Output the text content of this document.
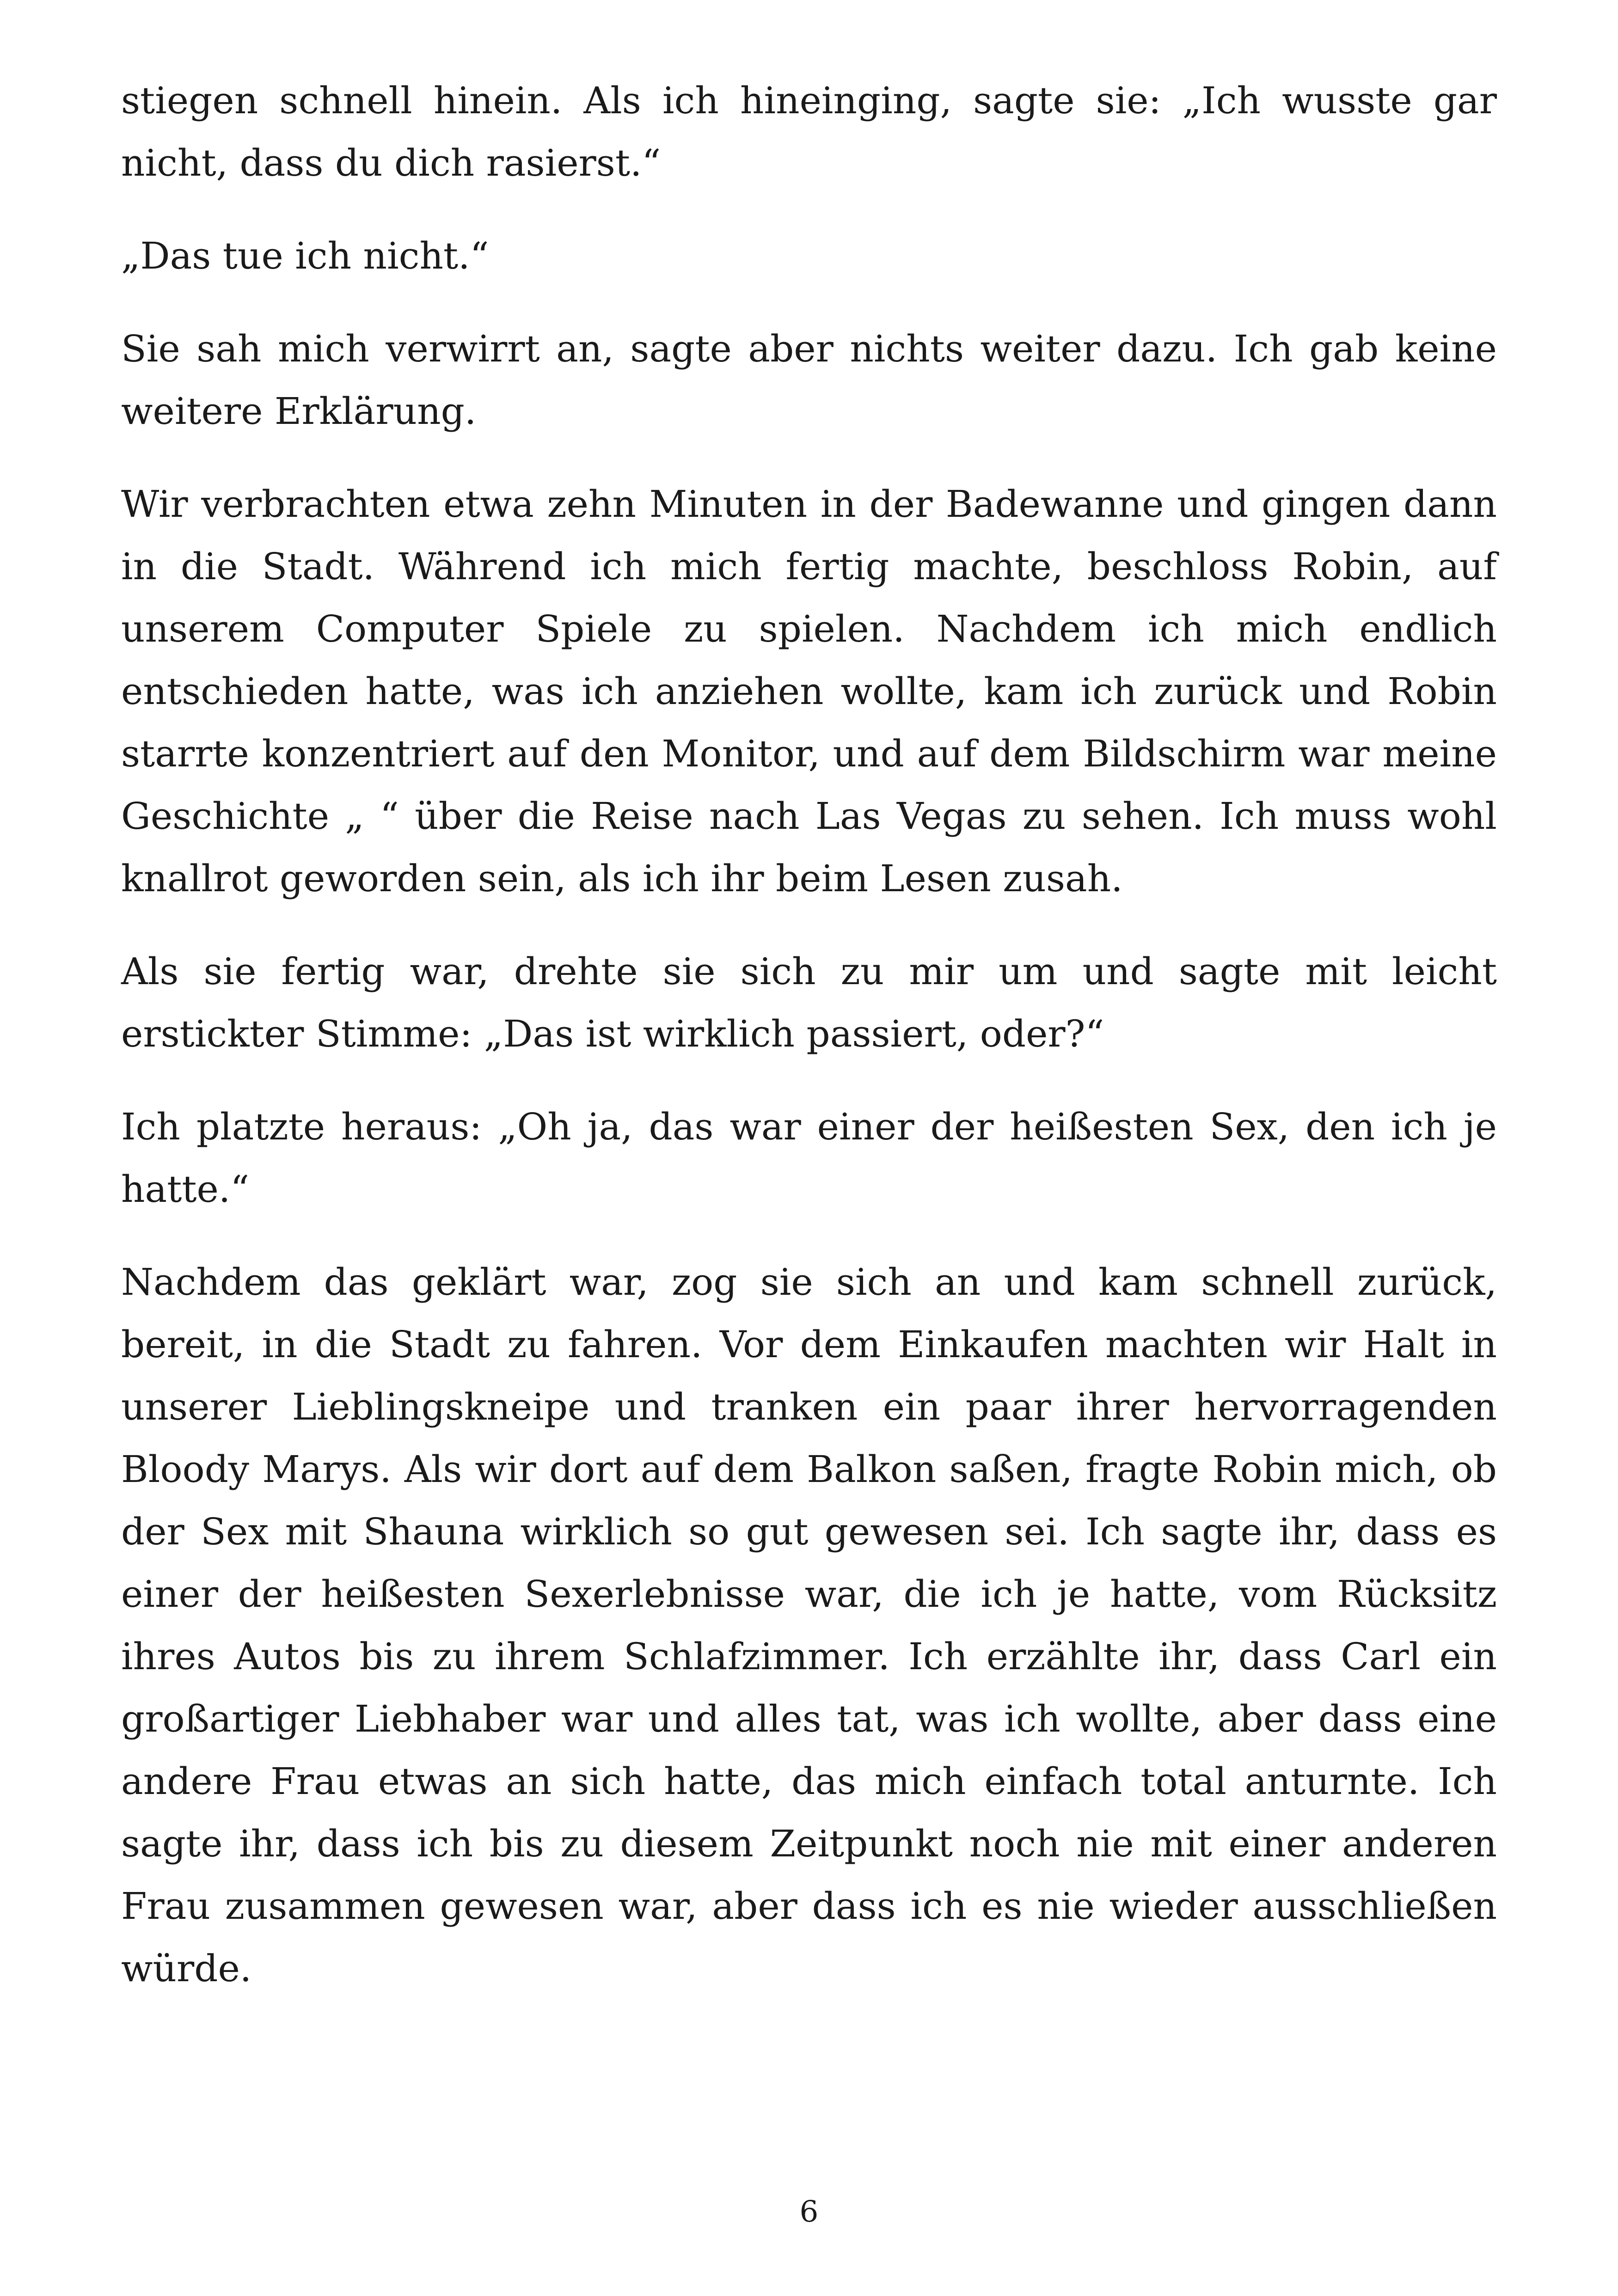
stiegen schnell hinein. Als ich hineinging, sagte sie: „Ich wusste gar nicht, dass du dich rasierst.“

„Das tue ich nicht.“

Sie sah mich verwirrt an, sagte aber nichts weiter dazu. Ich gab keine weitere Erklärung.

Wir verbrachten etwa zehn Minuten in der Badewanne und gingen dann in die Stadt. Während ich mich fertig machte, beschloss Robin, auf unserem Computer Spiele zu spielen. Nachdem ich mich endlich entschieden hatte, was ich anziehen wollte, kam ich zurück und Robin starrte konzentriert auf den Monitor, und auf dem Bildschirm war meine Geschichte „ “ über die Reise nach Las Vegas zu sehen. Ich muss wohl knallrot geworden sein, als ich ihr beim Lesen zusah.

Als sie fertig war, drehte sie sich zu mir um und sagte mit leicht erstickter Stimme: „Das ist wirklich passiert, oder?“

Ich platzte heraus: „Oh ja, das war einer der heißesten Sex, den ich je hatte.“

Nachdem das geklärt war, zog sie sich an und kam schnell zurück, bereit, in die Stadt zu fahren. Vor dem Einkaufen machten wir Halt in unserer Lieblingskneipe und tranken ein paar ihrer hervorragenden Bloody Marys. Als wir dort auf dem Balkon saßen, fragte Robin mich, ob der Sex mit Shauna wirklich so gut gewesen sei. Ich sagte ihr, dass es einer der heißesten Sexerlebnisse war, die ich je hatte, vom Rücksitz ihres Autos bis zu ihrem Schlafzimmer. Ich erzählte ihr, dass Carl ein großartiger Liebhaber war und alles tat, was ich wollte, aber dass eine andere Frau etwas an sich hatte, das mich einfach total anturnte. Ich sagte ihr, dass ich bis zu diesem Zeitpunkt noch nie mit einer anderen Frau zusammen gewesen war, aber dass ich es nie wieder ausschließen würde.

6
